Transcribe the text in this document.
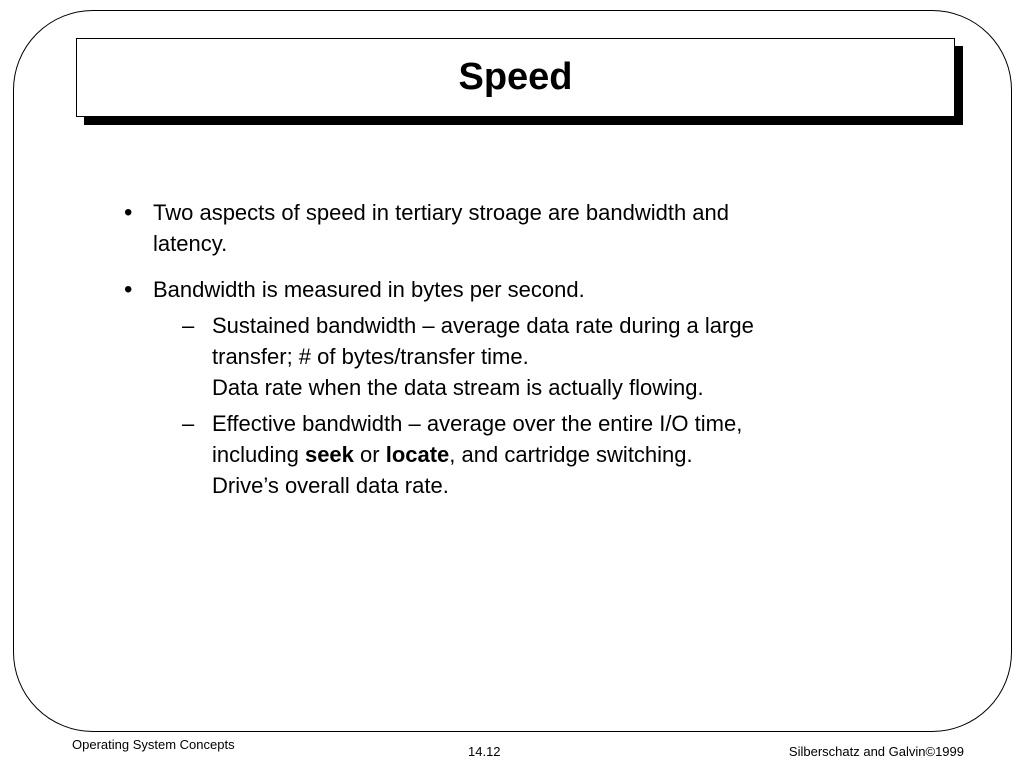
Speed
• Two aspects of speed in tertiary stroage are bandwidth and
latency.
• Bandwidth is measured in bytes per second.
– Sustained bandwidth – average data rate during a large
transfer; # of bytes/transfer time.
Data rate when the data stream is actually flowing.
– Effective bandwidth – average over the entire I/O time,
including seek or locate, and cartridge switching.
Drive’s overall data rate.
Operating System Concepts	14.12	Silberschatz and Galvin©1999
